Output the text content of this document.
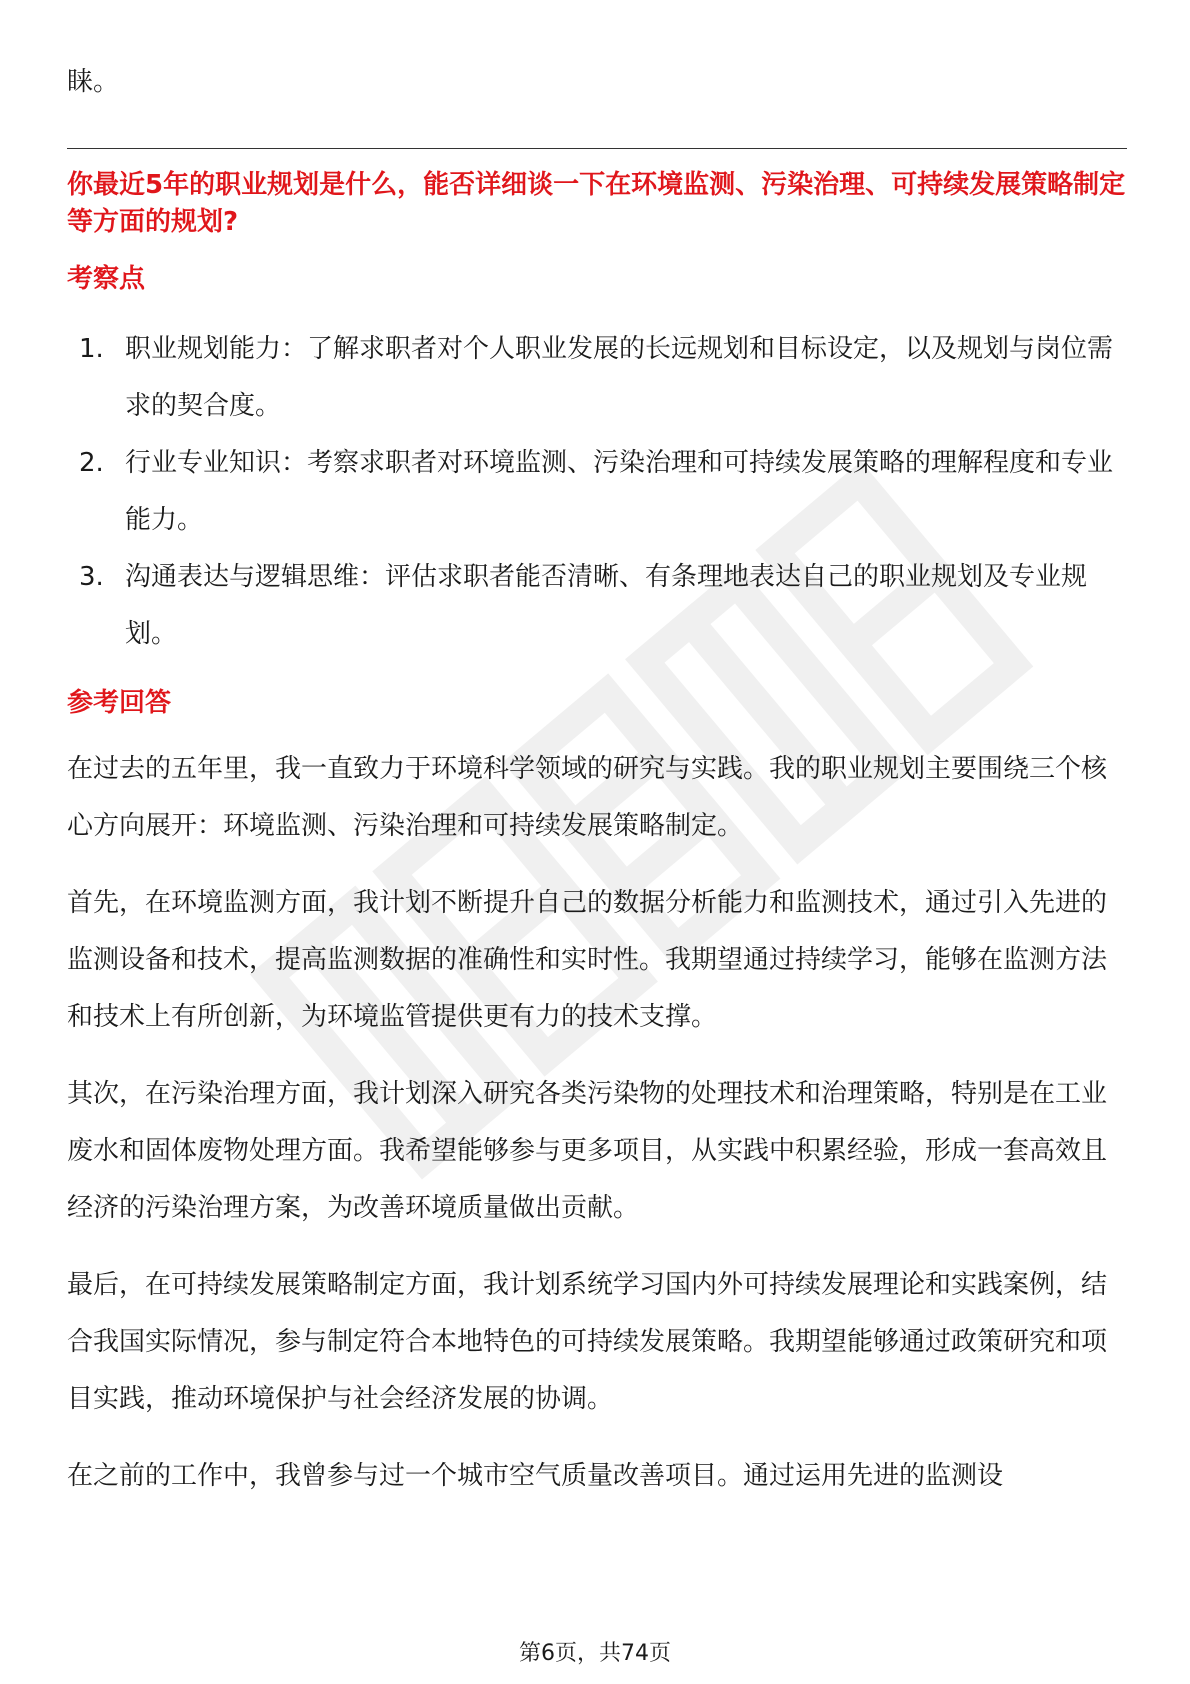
睐。

你最近5年的职业规划是什么，能否详细谈一下在环境监测、污染治理、可持续发展策略制定等方面的规划?

考察点

1. 职业规划能力：了解求职者对个人职业发展的长远规划和目标设定，以及规划与岗位需求的契合度。
2. 行业专业知识：考察求职者对环境监测、污染治理和可持续发展策略的理解程度和专业能力。
3. 沟通表达与逻辑思维：评估求职者能否清晰、有条理地表达自己的职业规划及专业规划。

参考回答

在过去的五年里，我一直致力于环境科学领域的研究与实践。我的职业规划主要围绕三个核心方向展开：环境监测、污染治理和可持续发展策略制定。

首先，在环境监测方面，我计划不断提升自己的数据分析能力和监测技术，通过引入先进的监测设备和技术，提高监测数据的准确性和实时性。我期望通过持续学习，能够在监测方法和技术上有所创新，为环境监管提供更有力的技术支撑。

其次，在污染治理方面，我计划深入研究各类污染物的处理技术和治理策略，特别是在工业废水和固体废物处理方面。我希望能够参与更多项目，从实践中积累经验，形成一套高效且经济的污染治理方案，为改善环境质量做出贡献。

最后，在可持续发展策略制定方面，我计划系统学习国内外可持续发展理论和实践案例，结合我国实际情况，参与制定符合本地特色的可持续发展策略。我期望能够通过政策研究和项目实践，推动环境保护与社会经济发展的协调。

在之前的工作中，我曾参与过一个城市空气质量改善项目。通过运用先进的监测设

第6页，共74页
